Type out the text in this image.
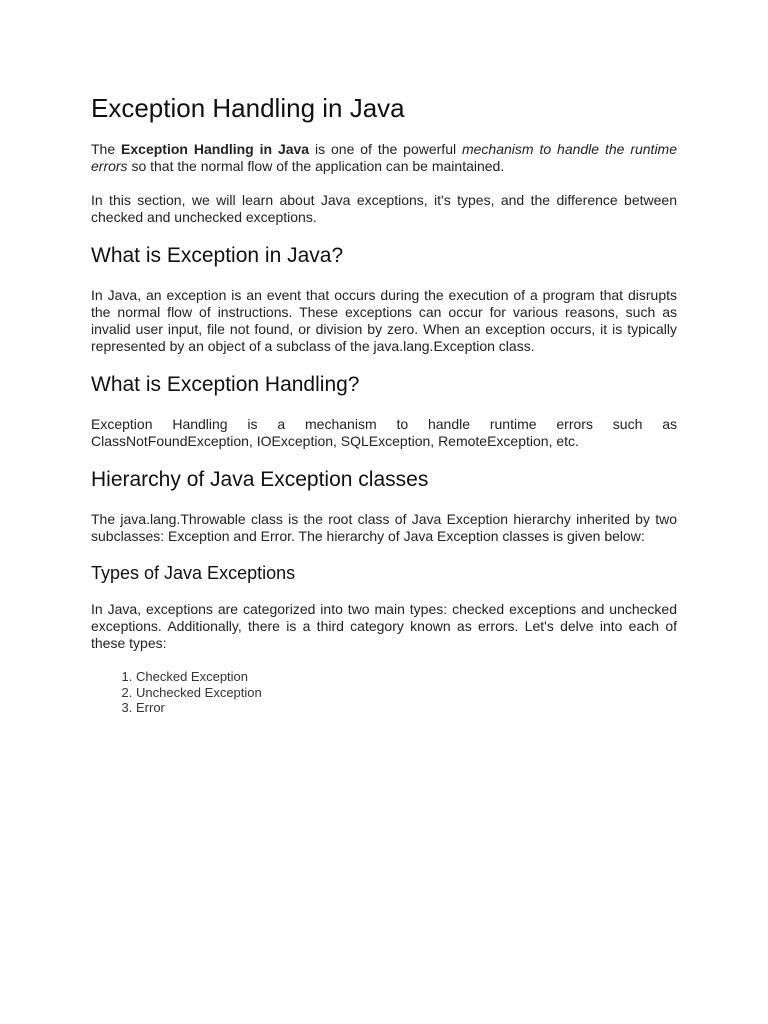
Exception Handling in Java

The Exception Handling in Java is one of the powerful mechanism to handle the runtime errors so that the normal flow of the application can be maintained.

In this section, we will learn about Java exceptions, it's types, and the difference between checked and unchecked exceptions.

What is Exception in Java?

In Java, an exception is an event that occurs during the execution of a program that disrupts the normal flow of instructions. These exceptions can occur for various reasons, such as invalid user input, file not found, or division by zero. When an exception occurs, it is typically represented by an object of a subclass of the java.lang.Exception class.

What is Exception Handling?

Exception Handling is a mechanism to handle runtime errors such as ClassNotFoundException, IOException, SQLException, RemoteException, etc.

Hierarchy of Java Exception classes

The java.lang.Throwable class is the root class of Java Exception hierarchy inherited by two subclasses: Exception and Error. The hierarchy of Java Exception classes is given below:

Types of Java Exceptions

In Java, exceptions are categorized into two main types: checked exceptions and unchecked exceptions. Additionally, there is a third category known as errors. Let's delve into each of these types:

1. Checked Exception
2. Unchecked Exception
3. Error
